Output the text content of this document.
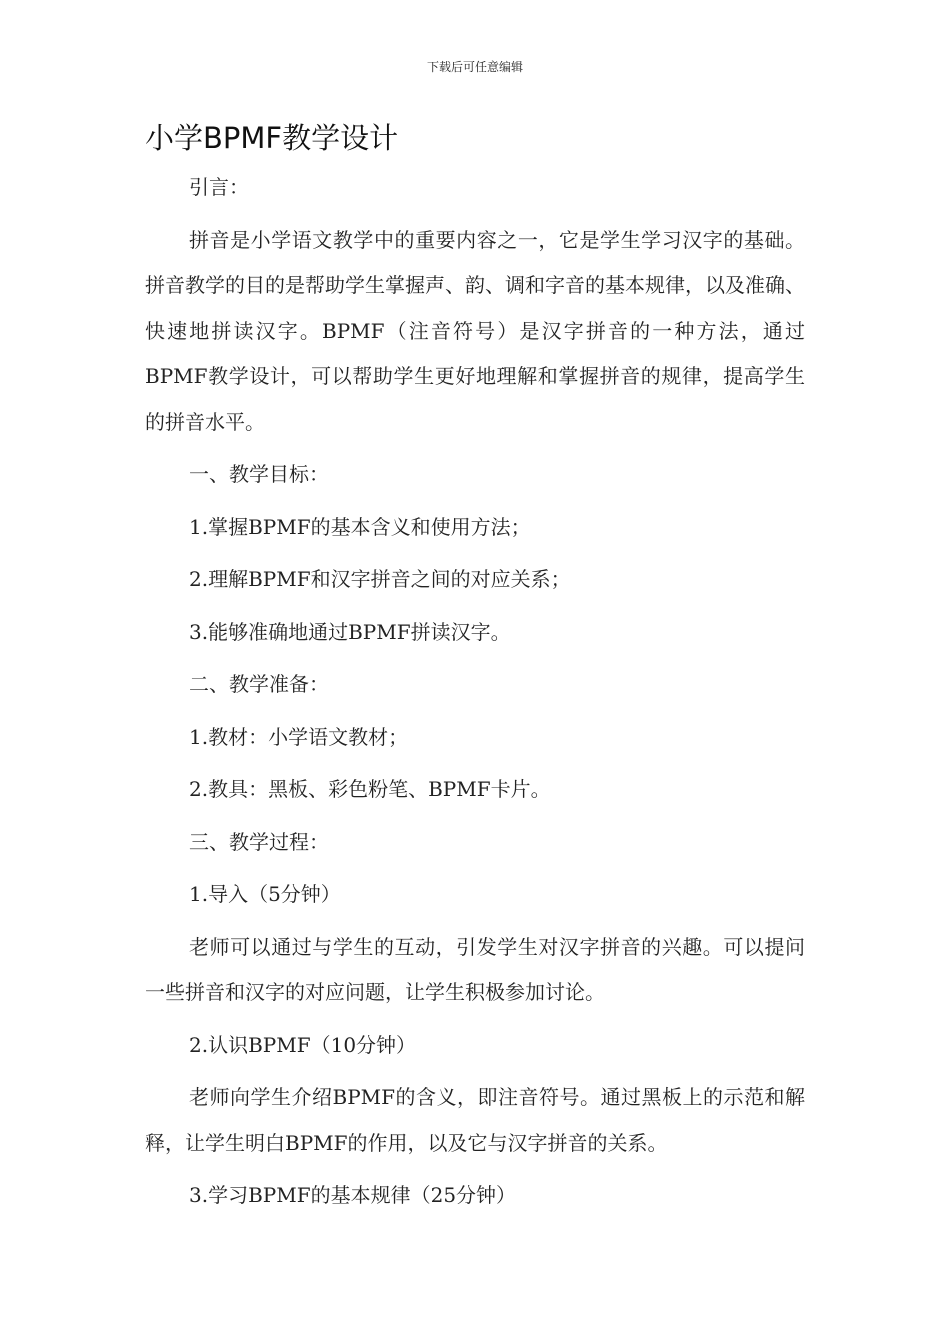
下载后可任意编辑
小学BPMF教学设计

引言：

拼音是小学语文教学中的重要内容之一，它是学生学习汉字的基础。拼音教学的目的是帮助学生掌握声、韵、调和字音的基本规律，以及准确、快速地拼读汉字。BPMF（注音符号）是汉字拼音的一种方法，通过BPMF教学设计，可以帮助学生更好地理解和掌握拼音的规律，提高学生的拼音水平。

一、教学目标：

1.掌握BPMF的基本含义和使用方法；

2.理解BPMF和汉字拼音之间的对应关系；

3.能够准确地通过BPMF拼读汉字。

二、教学准备：

1.教材：小学语文教材；

2.教具：黑板、彩色粉笔、BPMF卡片。

三、教学过程：

1.导入（5分钟）

老师可以通过与学生的互动，引发学生对汉字拼音的兴趣。可以提问一些拼音和汉字的对应问题，让学生积极参加讨论。

2.认识BPMF（10分钟）

老师向学生介绍BPMF的含义，即注音符号。通过黑板上的示范和解释，让学生明白BPMF的作用，以及它与汉字拼音的关系。

3.学习BPMF的基本规律（25分钟）
